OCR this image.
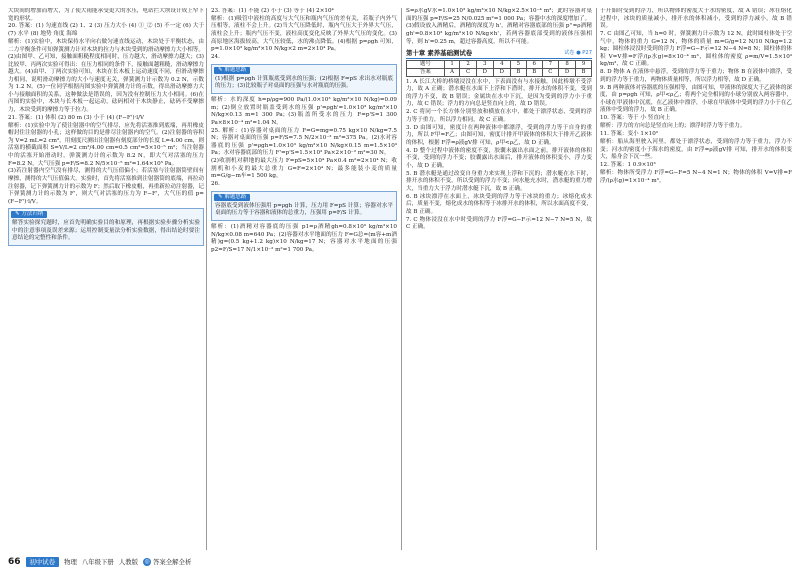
大块间的增加而增大，为了使大雨能承受更大的水压，电站拦大坝设计成上窄下宽的形状。

20. 答案：(1) 匀速直线 (2) 1、2 (3) 压力大小 (4) ①_② (5) 不一定 (6) 大于 (7) 水平 (8) 地势 角度 海绵

解析：(1)实验中，木块保持水平向右做匀速直线运动，木块处于平衡状态，由二力平衡条件可知弹簧测力计对木块的拉力与木块受到的滑动摩擦力大小相等。(2)由图甲、乙可知，接触面粗糙程度相同时，压力越大，滑动摩擦力越大；(3)比较甲、丙两次实验可得出：在压力相同的条件下，接触面越粗糙，滑动摩擦力越大。(4)由甲、丁两次实验可知，木块在长木板上运动速度不同，但滑动摩擦力相同，说明滑动摩擦力的大小与速度无关，弹簧测力计示数为 0.2 N，示数为 1.2 N。(5)一位同学根据丙图实验中弹簧测力计的示数，得出滑动摩擦力大小与接触面积的关系，这种做法是错误的，因为没有控制压力大小相同。(6)在丙图的实验中，木块与长木板一起运动，砝码相对于木块静止，砝码不受摩擦力，木块受到的摩擦力等于拉力。

21. 答案：(1) 体积 (2) 80 m (3) 小于 (4) (F−F')·l/V

解析：(1)实验中为了使注射器中的空气排尽，应先将活塞推到底端，再用橡皮帽封住注射器的小孔；这样做的目的是排尽注射器内的空气。(2)注射器的容积为 V=2 mL=2 cm³，用刻度尺测出注射器有刻度部分的长度 L=4.00 cm，则活塞的横截面积 S=V/L=2 cm³/4.00 cm=0.5 cm²=5×10⁻⁵ m²；当注射器中的活塞开始滑动时，弹簧测力计的示数为 8.2 N，即大气对活塞的压力 F=8.2 N，大气压强 p=F/S=8.2 N/5×10⁻⁵ m²=1.64×10⁵ Pa。

(3)若注射器内空气没有排尽，测得的大气压值偏小；若活塞与注射器筒壁间有摩擦，测得的大气压值偏大。实验时，首先将活塞推到注射器筒的底端，再拉动注射器，记下弹簧测力计的示数为 F；然后取下橡皮帽，再重新拉动注射器，记下弹簧测力计的示数为 F'，则大气对活塞的压力为 F−F'，大气压的值 p=(F−F')·l/V。

✎ 方法归纳

解答实验探究题时，应首先明确实验目的和原理，再根据实验步骤分析实验中的注意事项及误差来源；运用控制变量法分析实验数据，得出结论时要注意结论的完整性和条件。

23. 答案：(1) 不能 (2) 小于 (3) 等于 (4) 2×10⁴

解析：(1)吸管中液柱的高度与大气压和瓶内气压的差有关，若瓶子内外气压相等，液柱不会上升。(2)当大气压降低时，瓶内气压大于外界大气压，液柱会上升；瓶内气压不变，液柱高度变化反映了外界大气压的变化。(3)高原地区海拔较高，大气压较低，水的沸点降低。(4)根据 p=ρgh 可知，p=1.0×10³ kg/m³×10 N/kg×2 m=2×10⁴ Pa。

24.

✎ 解题思路

(1)根据 p=ρgh 计算瓶底受到水的压强；(2)根据 F=pS 求出水对瓶底的压力；(3)比较瓶子对桌面的压强与水对瓶底的压强。

解析：水的深度 h=p/ρg=900 Pa/(1.0×10³ kg/m³×10 N/kg)=0.09 m；(2)倒立放置时瓶盖受到水的压强 p'=ρgh'=1.0×10³ kg/m³×10 N/kg×0.13 m=1 300 Pa；(3)瓶盖所受水的压力 F=p'S=1 300 Pa×8×10⁻⁴ m²=1.04 N。

25. 解析：(1)容器对桌面的压力 F=G=mg=0.75 kg×10 N/kg=7.5 N；容器对桌面的压强 p=F/S=7.5 N/2×10⁻² m²=375 Pa。(2)水对容器底的压强 p'=ρgh=1.0×10³ kg/m³×10 N/kg×0.15 m=1.5×10³ Pa；水对容器底部的压力 F'=p'S=1.5×10³ Pa×2×10⁻² m²=30 N。

(2)收割机对耕地的最大压力 F=pS=5×10⁴ Pa×0.4 m²=2×10⁴ N；收割机和小麦的最大总重力 G=F=2×10⁴ N；最多能装小麦的质量 m=G/g−m车=1 500 kg。

26.

✎ 解题思路

容器底受到液体压强用 p=ρgh 计算，压力用 F=pS 计算；容器对水平桌面的压力等于容器和液体的总重力，压强用 p=F/S 计算。

解析：(1)酒精对容器底的压强 p1=ρ酒精gh=0.8×10³ kg/m³×10 N/kg×0.08 m=640 Pa；(2)容器对水平地面的压力 F=G总=(m容+m酒精)g=(0.5 kg+1.2 kg)×10 N/kg=17 N；容器对水平地面的压强 p2=F/S=17 N/1×10⁻² m²=1 700 Pa。

S=ρ水gV水=1.0×10³ kg/m³×10 N/kg×2.5×10⁻⁴ m³；此时容器对桌面的压强 p=F/S=25 N/0.025 m²=1 000 Pa；容器中水的深度增加了。

(3)假设放入酒精后，酒精的深度为 h'，酒精对容器底部的压强 p''=ρ酒精gh'=0.8×10³ kg/m³×10 N/kg×h'，若两容器底部受到的液体压强相等，则 h'=0.25 m，超过容器高度，所以不可能。

第十章 素养基础测试卷	试卷 ● P27
题号	1	2	3	4	5	6	7	8	9
答案	A	C	D	D	B	B	C	D	B

1. A 长江大桥的桥墩浸没在水中，下表面没有与水接触，因此桥墩不受浮力，故 A 正确；潜水艇在水面下上浮和下潜时，排开水的体积不变，受到的浮力不变，故 B 错误；金属块在水中下沉，是因为受到的浮力小于重力，故 C 错误；浮力的方向总是竖直向上的，故 D 错误。

2. C 将同一个长方体分别竖放和横放在水中，都处于漂浮状态，受到的浮力等于重力，所以浮力相同，故 C 正确。

3. D 由图可知，密度计在两种液体中都漂浮，受到的浮力等于自身的重力，所以 F甲=F乙；由图可知，密度计排开甲液体的体积大于排开乙液体的体积，根据 F浮=ρ液gV排 可知，ρ甲<ρ乙，故 D 正确。

4. D 整个过程中液体的密度不变，胶囊未露出水面之前，排开液体的体积不变，受到的浮力不变；胶囊露出水面后，排开液体的体积变小，浮力变小，故 D 正确。

5. B 潜水艇是通过改变自身重力来实现上浮和下沉的；潜水艇在水下时，排开水的体积不变，所以受到的浮力不变；向水舱充水时，潜水艇的重力增大，当重力大于浮力时潜水艇下沉，故 B 正确。

6. B 冰块漂浮在水面上，冰块受到的浮力等于冰块的重力；冰熔化成水后，质量不变，熔化成水的体积等于冰排开水的体积，所以水面高度不变，故 B 正确。

7. C 物体浸没在水中时受到的浮力 F浮=G−F示=12 N−7 N=5 N，故 C 正确。

于开始时受到的浮力，所以物体的密度大于水的密度，故 A 错误；冰在熔化过程中，冰块的质量减小，排开水的体积减小，受到的浮力减小，故 B 错误。

7. C 由图乙可知，当 h=0 时，弹簧测力计示数为 12 N，此时圆柱体处于空气中，物体的重力 G=12 N，物体的质量 m=G/g=12 N/10 N/kg=1.2 kg；圆柱体浸没时受到的浮力 F浮=G−F示=12 N−4 N=8 N；圆柱体的体积 V=V排=F浮/(ρ水g)=8×10⁻⁴ m³，圆柱体的密度 ρ=m/V=1.5×10³ kg/m³，故 C 正确。

8. D 物体 A 在液体中悬浮，受到的浮力等于重力；物体 B 在液体中漂浮，受到的浮力等于重力，两物体质量相等，所以浮力相等，故 D 正确。

9. B 两种液体对容器底的压强相等，由图可知，甲液体的深度大于乙液体的深度，由 p=ρgh 可知，ρ甲<ρ乙；将两个完全相同的小球分别放入两容器中，小球在甲液体中沉底，在乙液体中漂浮，小球在甲液体中受到的浮力小于在乙液体中受到的浮力，故 B 正确。

10. 答案：等于 小 竖直向上

解析：浮力的方向总是竖直向上的；漂浮时浮力等于重力。

11. 答案：变小 1×10³

解析：船从海里驶入河里，都处于漂浮状态，受到的浮力等于重力，浮力不变；河水的密度小于海水的密度，由 F浮=ρ液gV排 可知，排开水的体积变大，船身会下沉一些。

12. 答案：1 0.9×10³

解析：物体所受浮力 F浮=G−F=5 N−4 N=1 N；物体的体积 V=V排=F浮/(ρ水g)=1×10⁻⁴ m³。

66	初中试卷	物理 八年级下册 人教版 ◎ 答案全解全析
